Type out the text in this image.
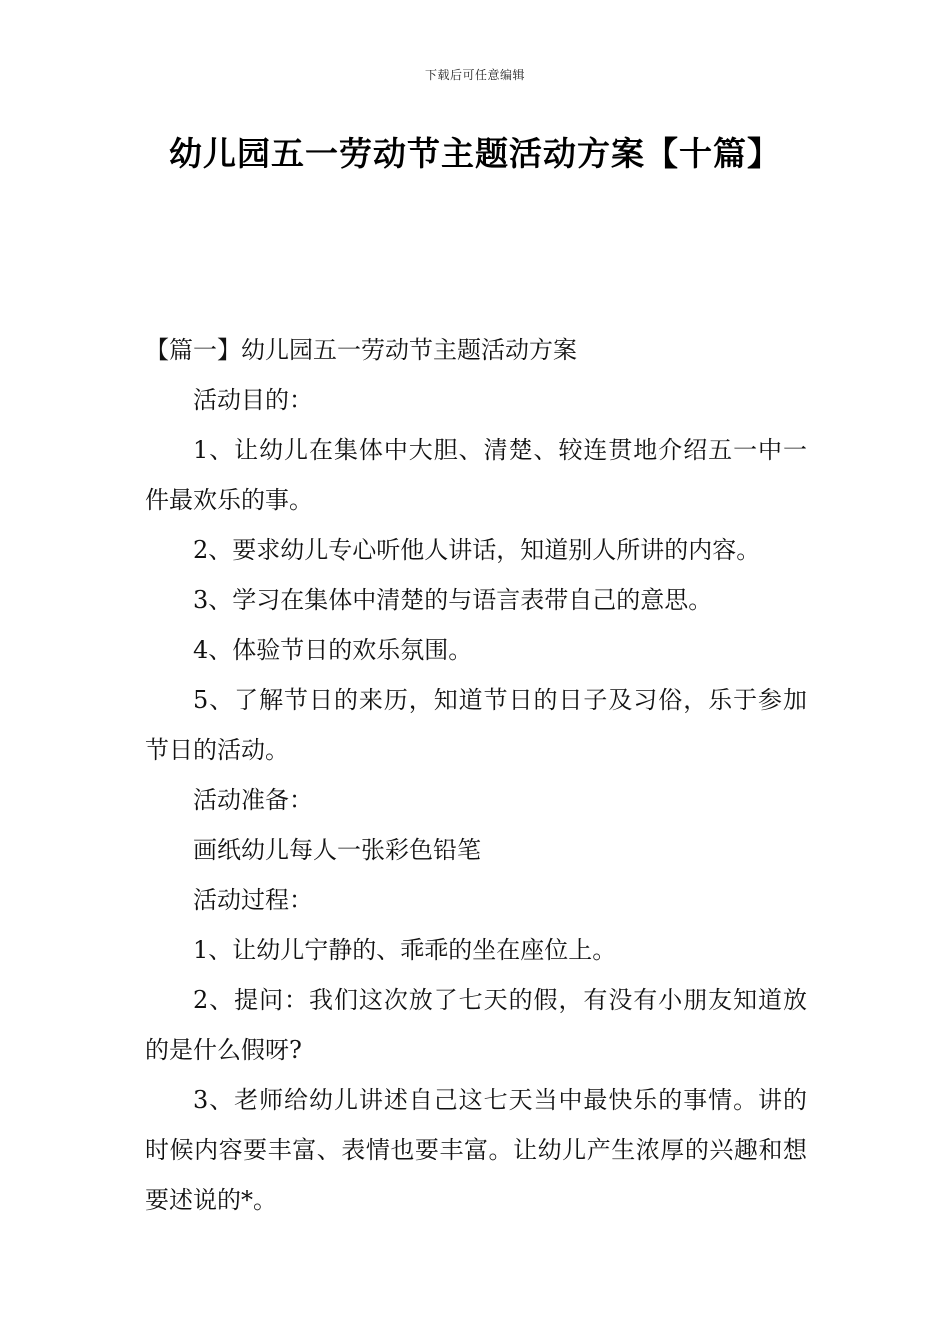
下载后可任意编辑
幼儿园五一劳动节主题活动方案【十篇】

【篇一】幼儿园五一劳动节主题活动方案

活动目的：

1、让幼儿在集体中大胆、清楚、较连贯地介绍五一中一件最欢乐的事。

2、要求幼儿专心听他人讲话，知道别人所讲的内容。

3、学习在集体中清楚的与语言表带自己的意思。

4、体验节日的欢乐氛围。

5、了解节日的来历，知道节日的日子及习俗，乐于参加节日的活动。

活动准备：

画纸幼儿每人一张彩色铅笔

活动过程：

1、让幼儿宁静的、乖乖的坐在座位上。

2、提问：我们这次放了七天的假，有没有小朋友知道放的是什么假呀?

3、老师给幼儿讲述自己这七天当中最快乐的事情。讲的时候内容要丰富、表情也要丰富。让幼儿产生浓厚的兴趣和想要述说的*。
